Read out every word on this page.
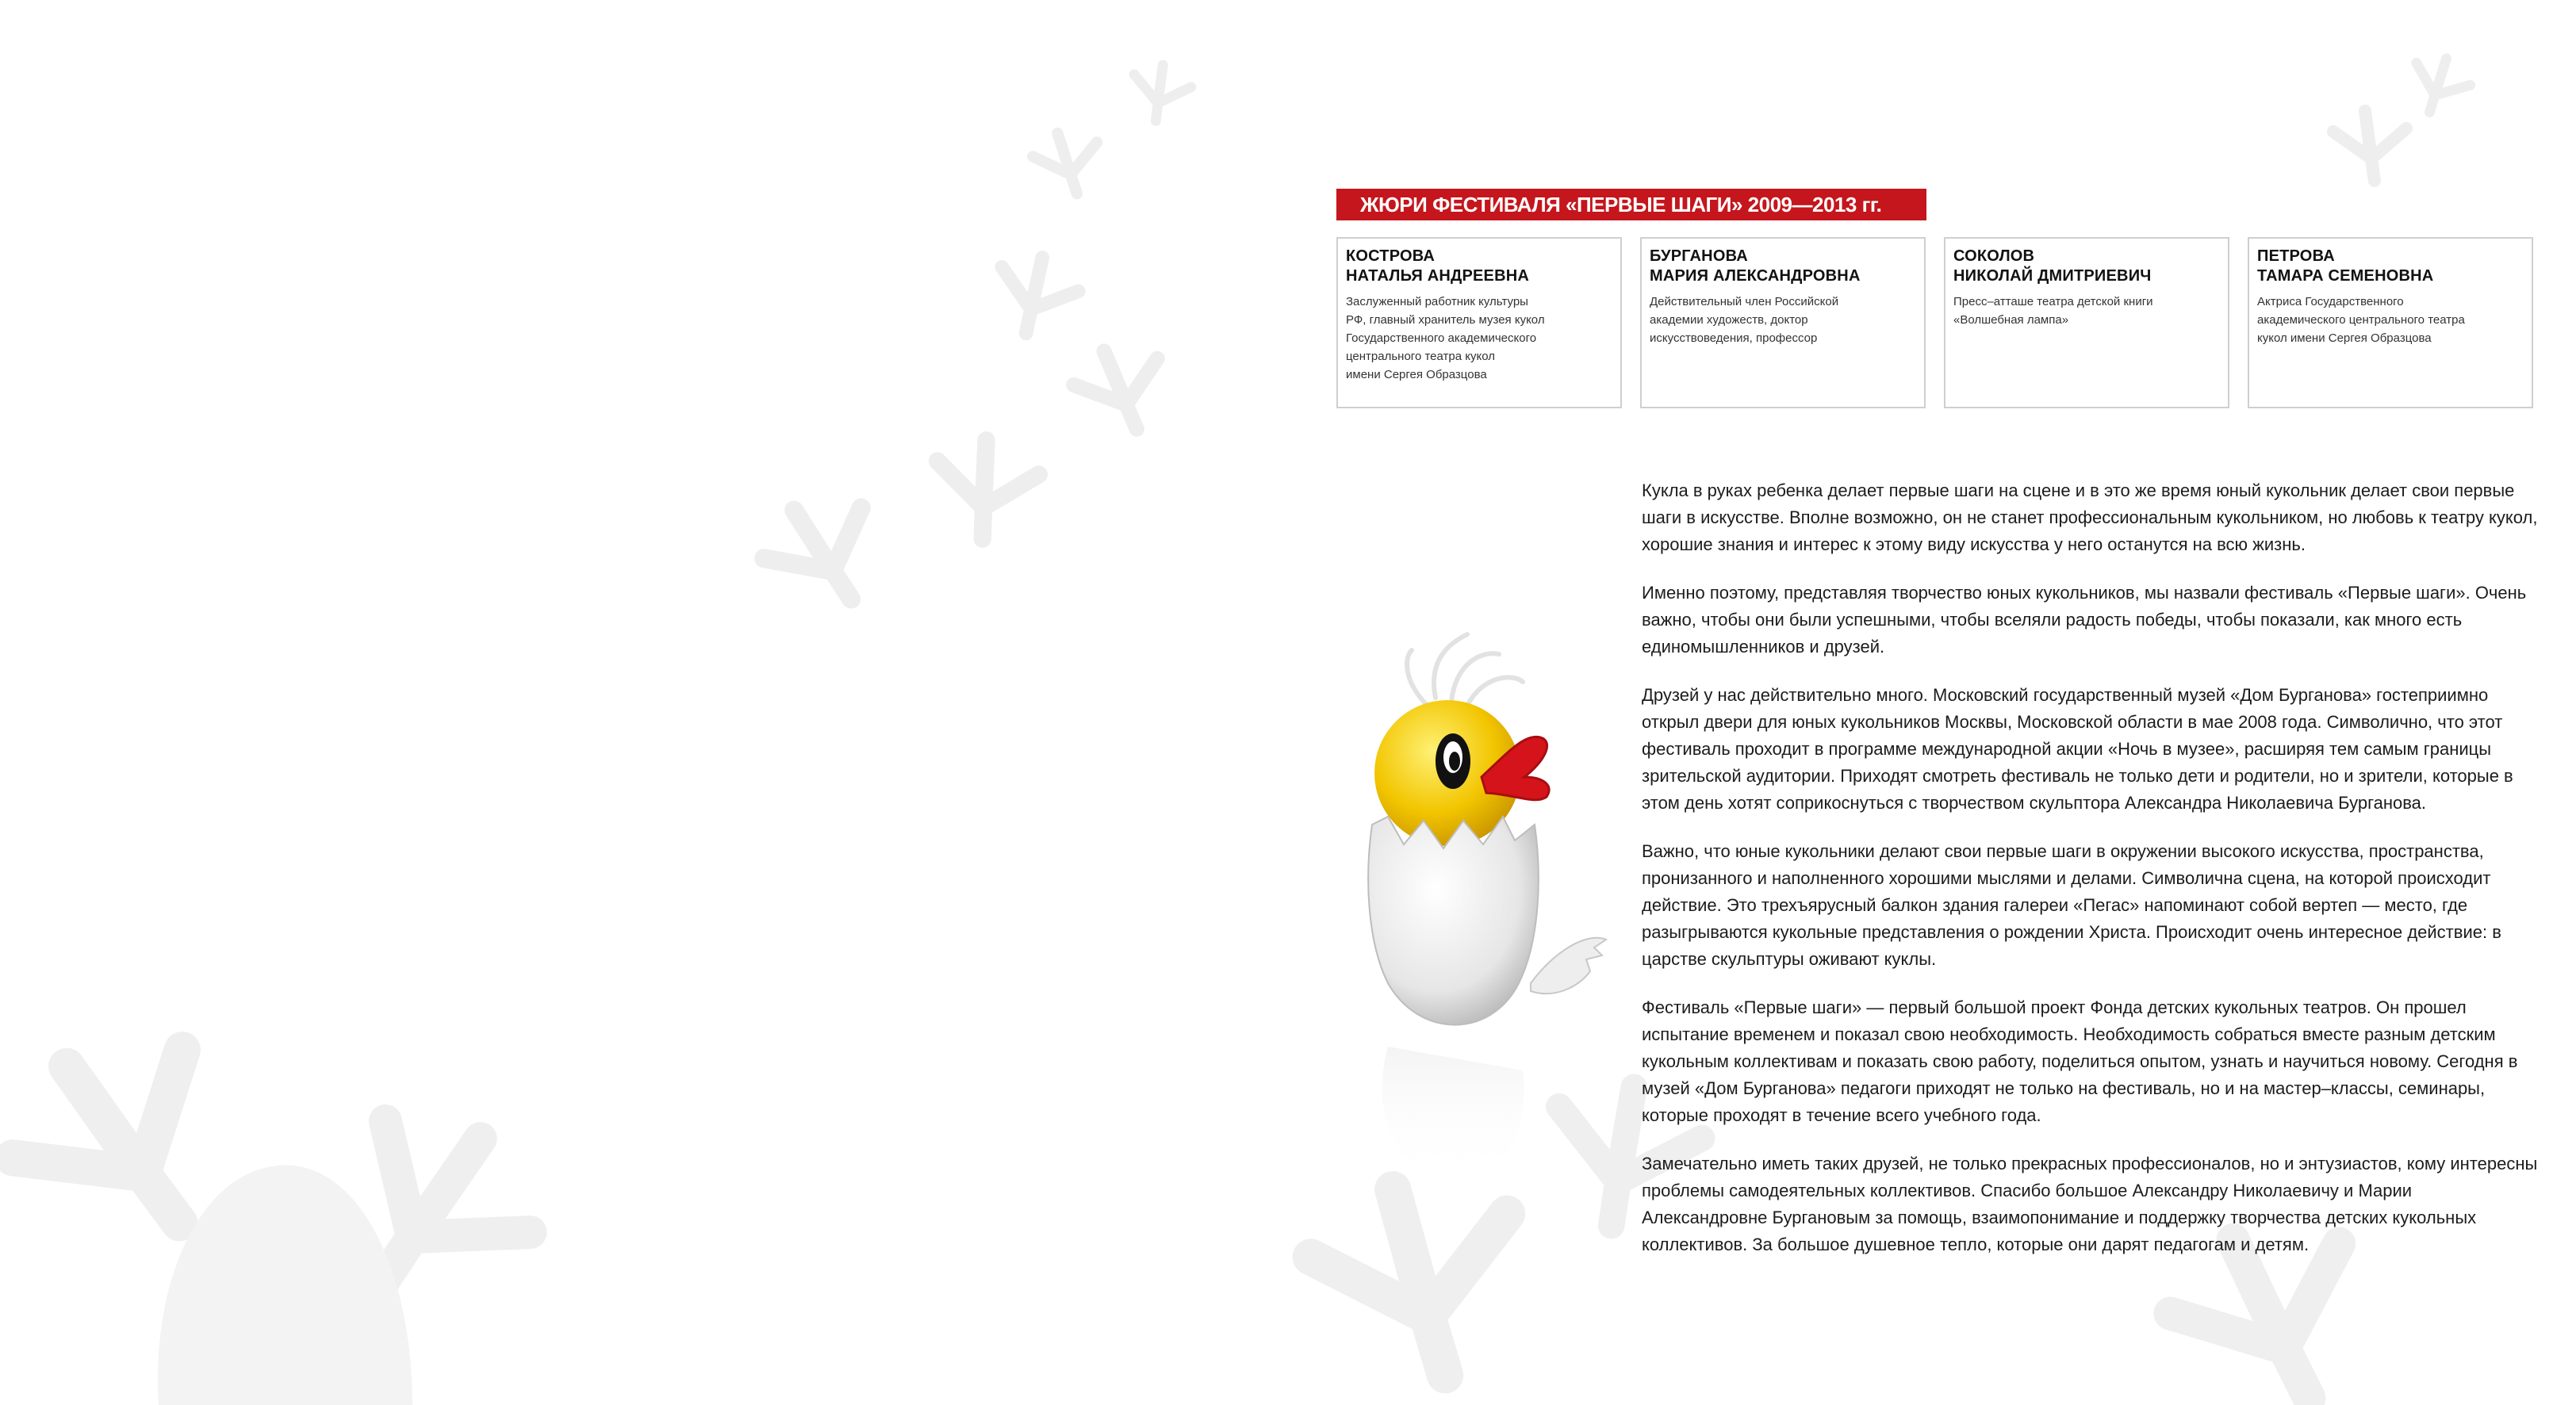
ЖЮРИ ФЕСТИВАЛЯ «ПЕРВЫЕ ШАГИ» 2009—2013 гг.
КОСТРОВА
НАТАЛЬЯ АНДРЕЕВНА
Заслуженный работник культуры
РФ, главный хранитель музея кукол
Государственного академического
центрального театра кукол
имени Сергея Образцова
БУРГАНОВА
МАРИЯ АЛЕКСАНДРОВНА
Действительный член Российской
академии художеств, доктор
искусствоведения, профессор
СОКОЛОВ
НИКОЛАЙ ДМИТРИЕВИЧ
Пресс–атташе театра детской книги
«Волшебная лампа»
ПЕТРОВА
ТАМАРА СЕМЕНОВНА
Актриса Государственного
академического центрального театра
кукол имени Сергея Образцова

Кукла в руках ребенка делает первые шаги на сцене и в это же время юный кукольник делает свои первые шаги в искусстве. Вполне возможно, он не станет профессиональным кукольником, но любовь к театру кукол, хорошие знания и интерес к этому виду искусства у него останутся на всю жизнь.

Именно поэтому, представляя творчество юных кукольников, мы назвали фестиваль «Первые шаги». Очень важно, чтобы они были успешными, чтобы вселяли радость победы, чтобы показали, как много есть единомышленников и друзей.

Друзей у нас действительно много. Московский государственный музей «Дом Бурганова» гостеприимно открыл двери для юных кукольников Москвы, Московской области в мае 2008 года. Символично, что этот фестиваль проходит в программе международной акции «Ночь в музее», расширяя тем самым границы зрительской аудитории. Приходят смотреть фестиваль не только дети и родители, но и зрители, которые в этом день хотят соприкоснуться с творчеством скульптора Александра Николаевича Бурганова.

Важно, что юные кукольники делают свои первые шаги в окружении высокого искусства, пространства, пронизанного и наполненного хорошими мыслями и делами. Символична сцена, на которой происходит действие. Это трехъярусный балкон здания галереи «Пегас» напоминают собой вертеп — место, где разыгрываются кукольные представления о рождении Христа. Происходит очень интересное действие: в царстве скульптуры оживают куклы.

Фестиваль «Первые шаги» — первый большой проект Фонда детских кукольных театров. Он прошел испытание временем и показал свою необходимость. Необходимость собраться вместе разным детским кукольным коллективам и показать свою работу, поделиться опытом, узнать и научиться новому. Сегодня в музей «Дом Бурганова» педагоги приходят не только на фестиваль, но и на мастер–классы, семинары, которые проходят в течение всего учебного года.

Замечательно иметь таких друзей, не только прекрасных профессионалов, но и энтузиастов, кому интересны проблемы самодеятельных коллективов. Спасибо большое Александру Николаевичу и Марии Александровне Бургановым за помощь, взаимопонимание и поддержку творчества детских кукольных коллективов. За большое душевное тепло, которые они дарят педагогам и детям.
